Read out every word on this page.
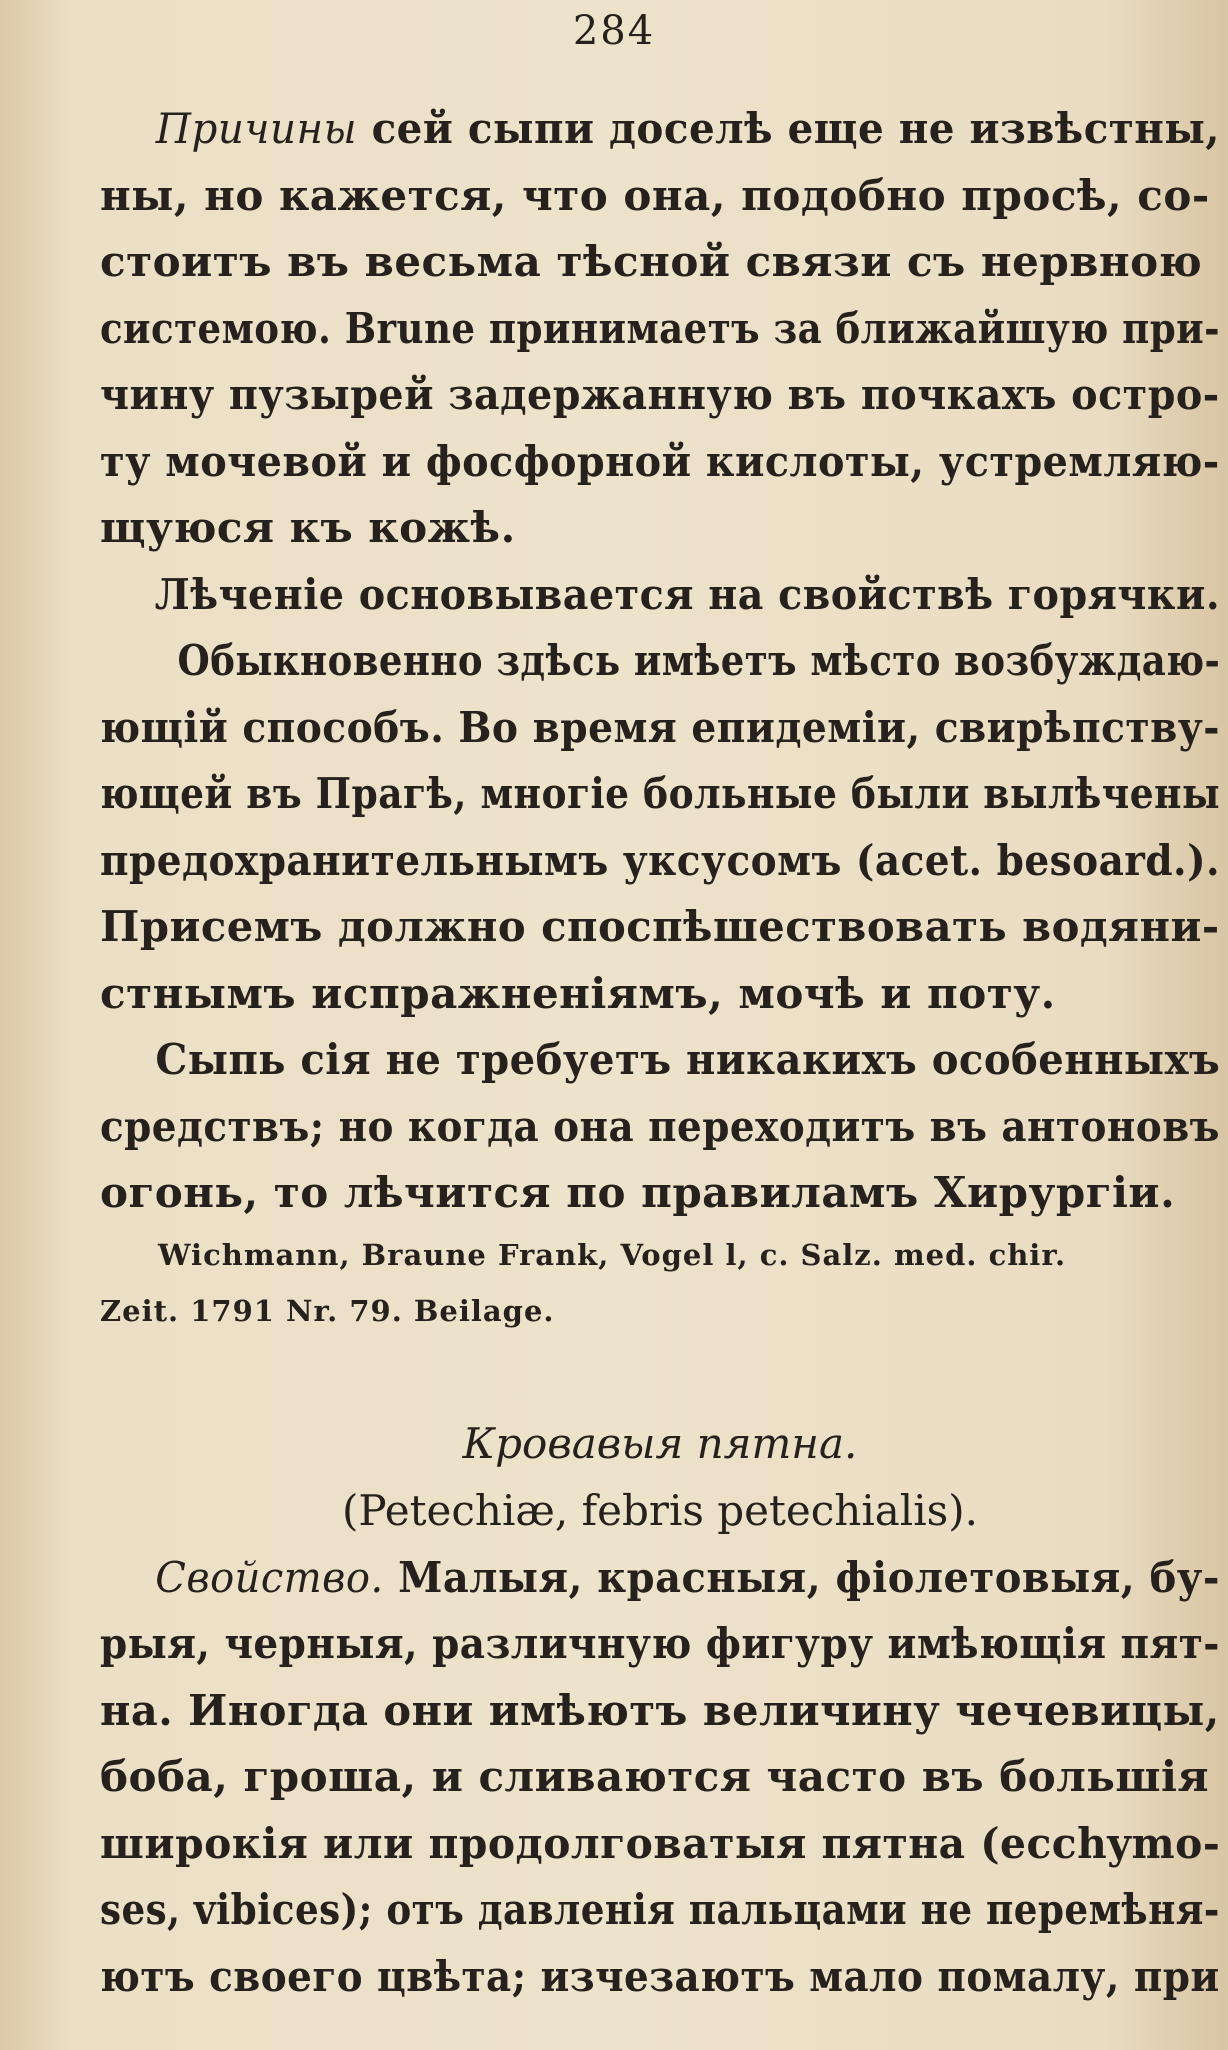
284
Причины сей сыпи доселѣ еще не извѣстны,
ны, но кажется, что она, подобно просѣ, со-
стоитъ въ весьма тѣсной связи съ нервною
системою. Brune принимаетъ за ближайшую при-
чину пузырей задержанную въ почкахъ остро-
ту мочевой и фосфорной кислоты, устремляю-
щуюся къ кожѣ.
Лѣченіе основывается на свойствѣ горячки.
Обыкновенно здѣсь имѣетъ мѣсто возбуждаю-
ющій способъ. Во время епидеміи, свирѣпству-
ющей въ Прагѣ, многіе больные были вылѣчены
предохранительнымъ уксусомъ (acet. besoard.).
Присемъ должно споспѣшествовать водяни-
стнымъ испражненіямъ, мочѣ и поту.
Сыпь сія не требуетъ никакихъ особенныхъ
средствъ; но когда она переходитъ въ антоновъ
огонь, то лѣчится по правиламъ Хирургіи.
Wichmann, Braune Frank, Vogel l, c. Salz. med. chir.
Zeit. 1791 Nr. 79. Beilage.
Кровавыя пятна.
(Petechiæ, febris petechialis).
Свойство. Малыя, красныя, фіолетовыя, бу-
рыя, черныя, различную фигуру имѣющія пят-
на. Иногда они имѣютъ величину чечевицы,
боба, гроша, и сливаются часто въ большія
широкія или продолговатыя пятна (ecchymo-
ses, vibices); отъ давленія пальцами не перемѣня-
ютъ своего цвѣта; изчезаютъ мало помалу, при
